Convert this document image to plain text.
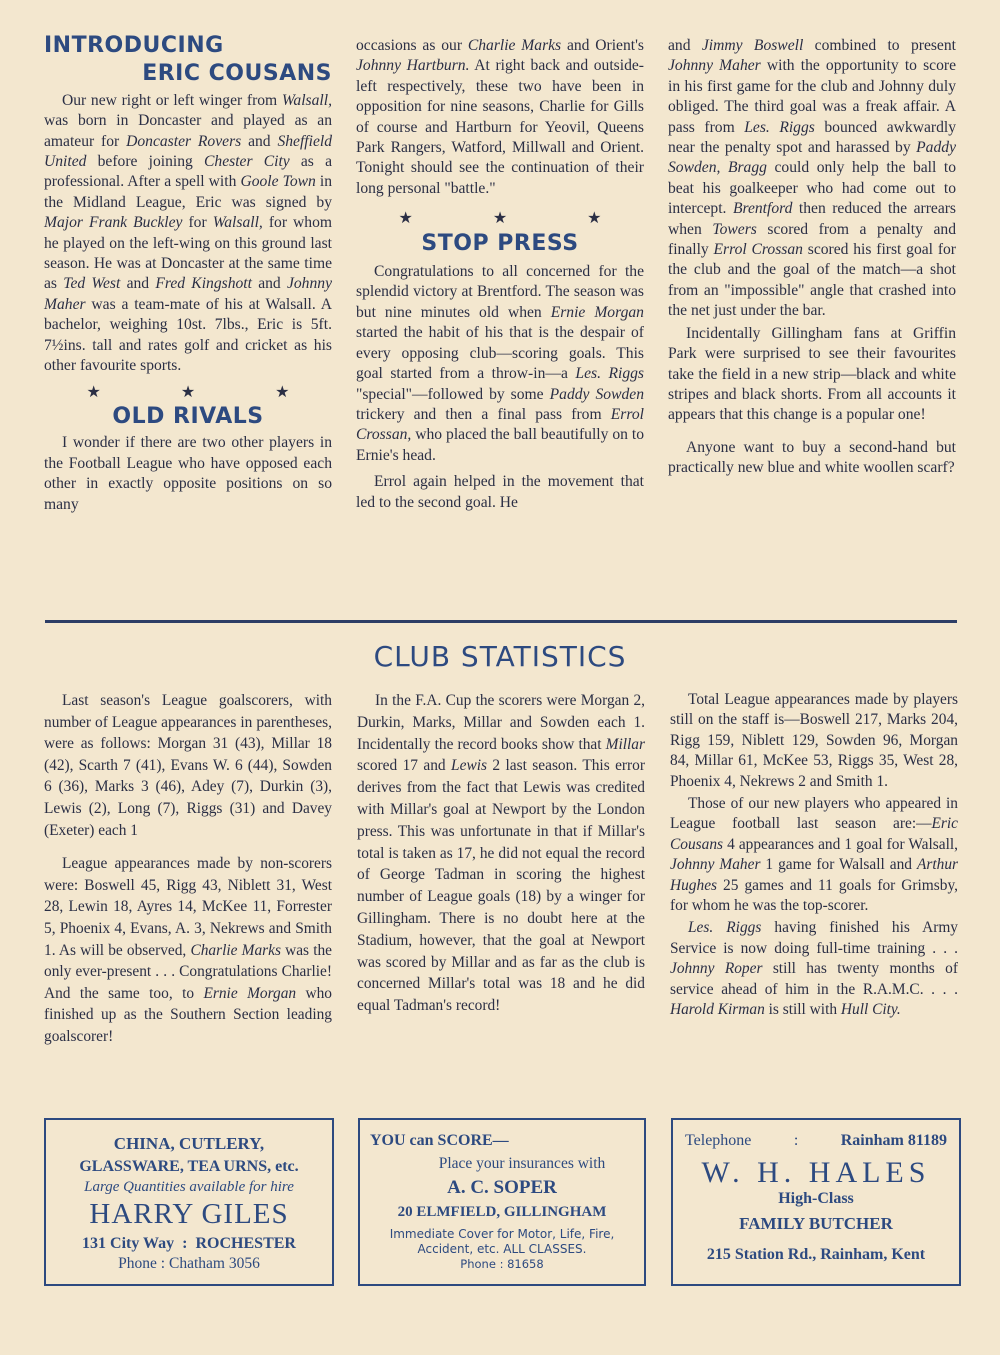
INTRODUCING
ERIC COUSANS

Our new right or left winger from Walsall, was born in Doncaster and played as an amateur for Doncaster Rovers and Sheffield United before joining Chester City as a professional. After a spell with Goole Town in the Midland League, Eric was signed by Major Frank Buckley for Walsall, for whom he played on the left-wing on this ground last season. He was at Doncaster at the same time as Ted West and Fred Kingshott and Johnny Maher was a team-mate of his at Walsall. A bachelor, weighing 10st. 7lbs., Eric is 5ft. 7½ins. tall and rates golf and cricket as his other favourite sports.

★ ★ ★
OLD RIVALS

I wonder if there are two other players in the Football League who have opposed each other in exactly opposite positions on so many

occasions as our Charlie Marks and Orient's Johnny Hartburn. At right back and outside-left respectively, these two have been in opposition for nine seasons, Charlie for Gills of course and Hartburn for Yeovil, Queens Park Rangers, Watford, Millwall and Orient. Tonight should see the continuation of their long personal "battle."

★ ★ ★
STOP PRESS

Congratulations to all concerned for the splendid victory at Brentford. The season was but nine minutes old when Ernie Morgan started the habit of his that is the despair of every opposing club—scoring goals. This goal started from a throw-in—a Les. Riggs "special"—followed by some Paddy Sowden trickery and then a final pass from Errol Crossan, who placed the ball beautifully on to Ernie's head.

Errol again helped in the movement that led to the second goal. He

and Jimmy Boswell combined to present Johnny Maher with the opportunity to score in his first game for the club and Johnny duly obliged. The third goal was a freak affair. A pass from Les. Riggs bounced awkwardly near the penalty spot and harassed by Paddy Sowden, Bragg could only help the ball to beat his goalkeeper who had come out to intercept. Brentford then reduced the arrears when Towers scored from a penalty and finally Errol Crossan scored his first goal for the club and the goal of the match—a shot from an "impossible" angle that crashed into the net just under the bar.

Incidentally Gillingham fans at Griffin Park were surprised to see their favourites take the field in a new strip—black and white stripes and black shorts. From all accounts it appears that this change is a popular one!

Anyone want to buy a second-hand but practically new blue and white woollen scarf?

CLUB STATISTICS

Last season's League goalscorers, with number of League appearances in parentheses, were as follows: Morgan 31 (43), Millar 18 (42), Scarth 7 (41), Evans W. 6 (44), Sowden 6 (36), Marks 3 (46), Adey (7), Durkin (3), Lewis (2), Long (7), Riggs (31) and Davey (Exeter) each 1

League appearances made by non-scorers were: Boswell 45, Rigg 43, Niblett 31, West 28, Lewin 18, Ayres 14, McKee 11, Forrester 5, Phoenix 4, Evans, A. 3, Nekrews and Smith 1. As will be observed, Charlie Marks was the only ever-present . . . Congratulations Charlie! And the same too, to Ernie Morgan who finished up as the Southern Section leading goalscorer!

In the F.A. Cup the scorers were Morgan 2, Durkin, Marks, Millar and Sowden each 1. Incidentally the record books show that Millar scored 17 and Lewis 2 last season. This error derives from the fact that Lewis was credited with Millar's goal at Newport by the London press. This was unfortunate in that if Millar's total is taken as 17, he did not equal the record of George Tadman in scoring the highest number of League goals (18) by a winger for Gillingham. There is no doubt here at the Stadium, however, that the goal at Newport was scored by Millar and as far as the club is concerned Millar's total was 18 and he did equal Tadman's record!

Total League appearances made by players still on the staff is—Boswell 217, Marks 204, Rigg 159, Niblett 129, Sowden 96, Morgan 84, Millar 61, McKee 53, Riggs 35, West 28, Phoenix 4, Nekrews 2 and Smith 1.

Those of our new players who appeared in League football last season are:—Eric Cousans 4 appearances and 1 goal for Walsall, Johnny Maher 1 game for Walsall and Arthur Hughes 25 games and 11 goals for Grimsby, for whom he was the top-scorer.

Les. Riggs having finished his Army Service is now doing full-time training . . . Johnny Roper still has twenty months of service ahead of him in the R.A.M.C. . . . Harold Kirman is still with Hull City.

CHINA, CUTLERY,
GLASSWARE, TEA URNS, etc.
Large Quantities available for hire
HARRY GILES
131 City Way  :  ROCHESTER
Phone : Chatham 3056
YOU can SCORE—
Place your insurances with
A. C. SOPER
20 ELMFIELD, GILLINGHAM
Immediate Cover for Motor, Life, Fire,
Accident, etc. ALL CLASSES.
Phone : 81658
Telephone	:	Rainham 81189
W. H. HALES
High-Class
FAMILY BUTCHER
215 Station Rd., Rainham, Kent
